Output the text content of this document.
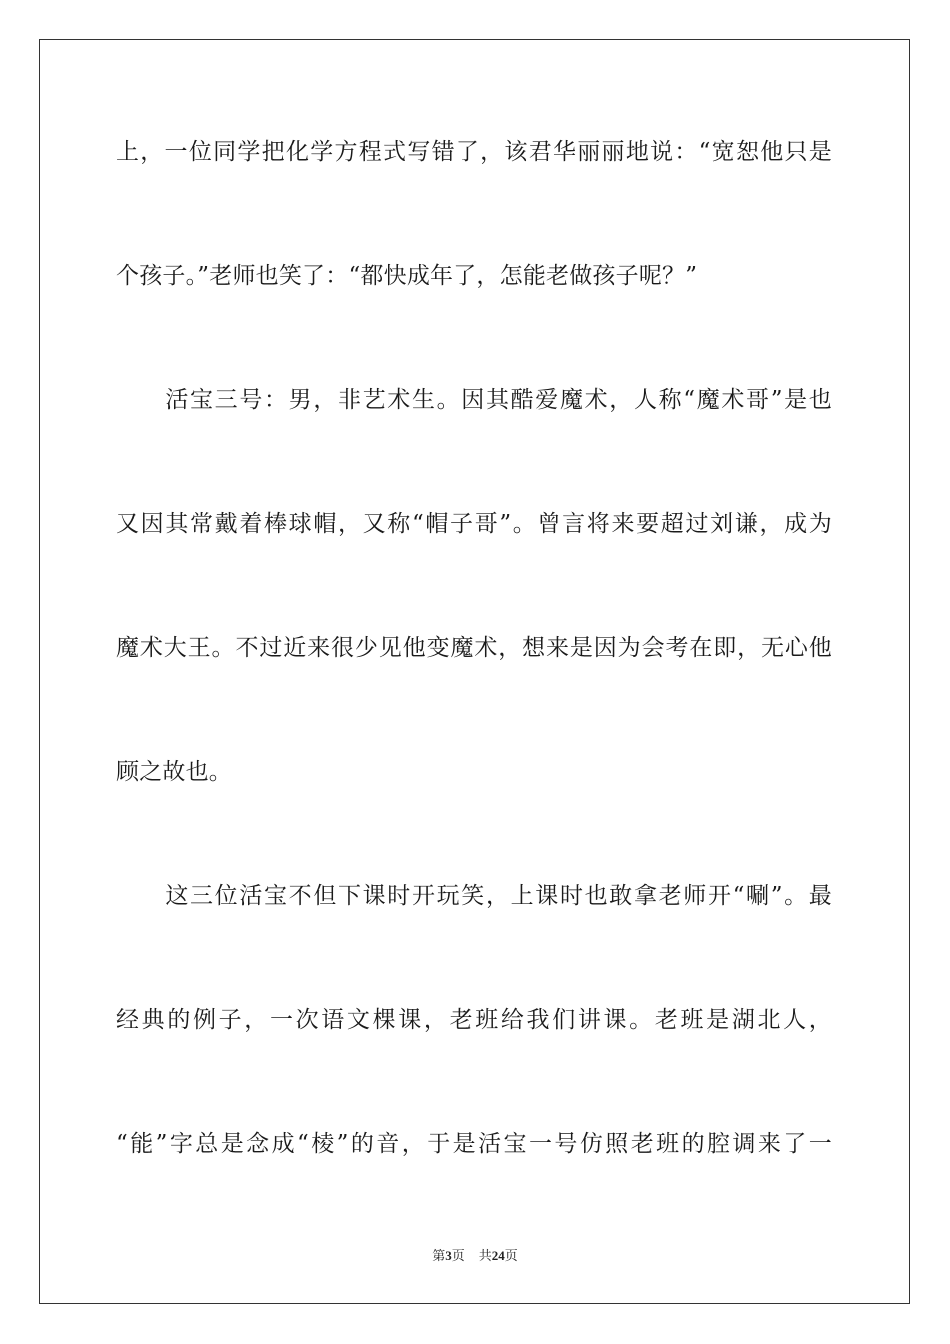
上，一位同学把化学方程式写错了，该君华丽丽地说：“宽恕他只是
个孩子。”老师也笑了：“都快成年了，怎能老做孩子呢？”
　　活宝三号：男，非艺术生。因其酷爱魔术，人称“魔术哥”是也
又因其常戴着棒球帽，又称“帽子哥”。曾言将来要超过刘谦，成为
魔术大王。不过近来很少见他变魔术，想来是因为会考在即，无心他
顾之故也。
　　这三位活宝不但下课时开玩笑，上课时也敢拿老师开“唰”。最
经典的例子，一次语文棵课，老班给我们讲课。老班是湖北人，
“能”字总是念成“棱”的音，于是活宝一号仿照老班的腔调来了一
第3页 共24页
